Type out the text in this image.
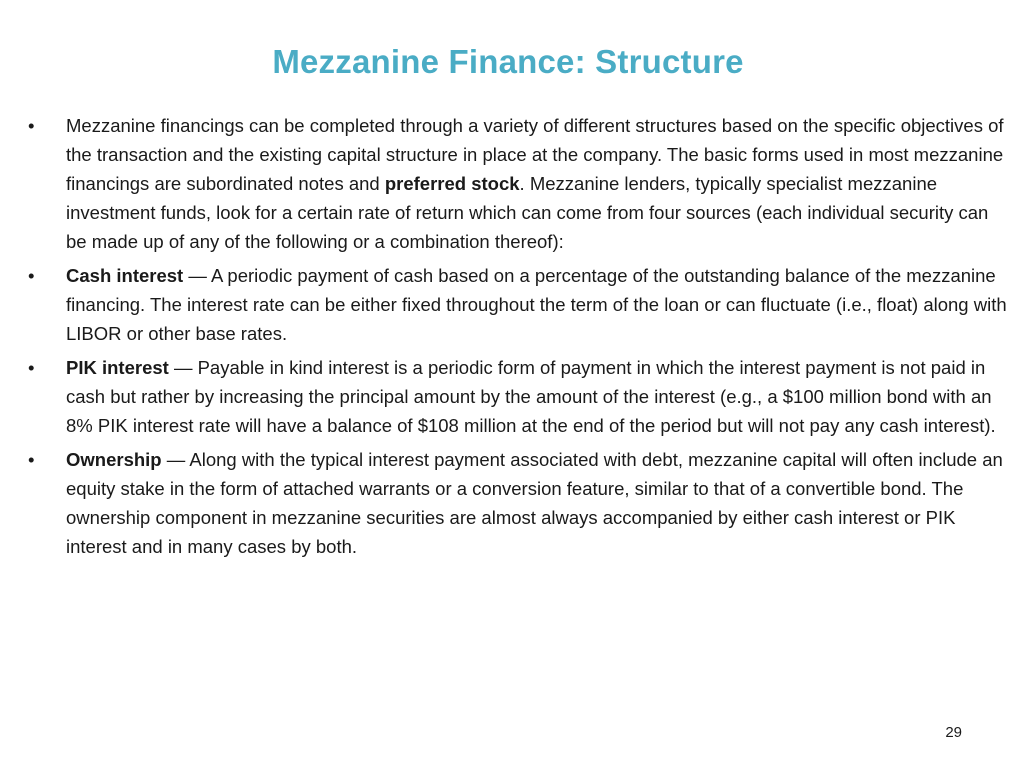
Mezzanine Finance: Structure
•	Mezzanine financings can be completed through a variety of different structures based on the specific objectives of the transaction and the existing capital structure in place at the company. The basic forms used in most mezzanine financings are subordinated notes and preferred stock. Mezzanine lenders, typically specialist mezzanine investment funds, look for a certain rate of return which can come from four sources (each individual security can be made up of any of the following or a combination thereof):
•	Cash interest — A periodic payment of cash based on a percentage of the outstanding balance of the mezzanine financing. The interest rate can be either fixed throughout the term of the loan or can fluctuate (i.e., float) along with LIBOR or other base rates.
•	PIK interest — Payable in kind interest is a periodic form of payment in which the interest payment is not paid in cash but rather by increasing the principal amount by the amount of the interest (e.g., a $100 million bond with an 8% PIK interest rate will have a balance of $108 million at the end of the period but will not pay any cash interest).
•	Ownership — Along with the typical interest payment associated with debt, mezzanine capital will often include an equity stake in the form of attached warrants or a conversion feature, similar to that of a convertible bond. The ownership component in mezzanine securities are almost always accompanied by either cash interest or PIK interest and in many cases by both.
29
